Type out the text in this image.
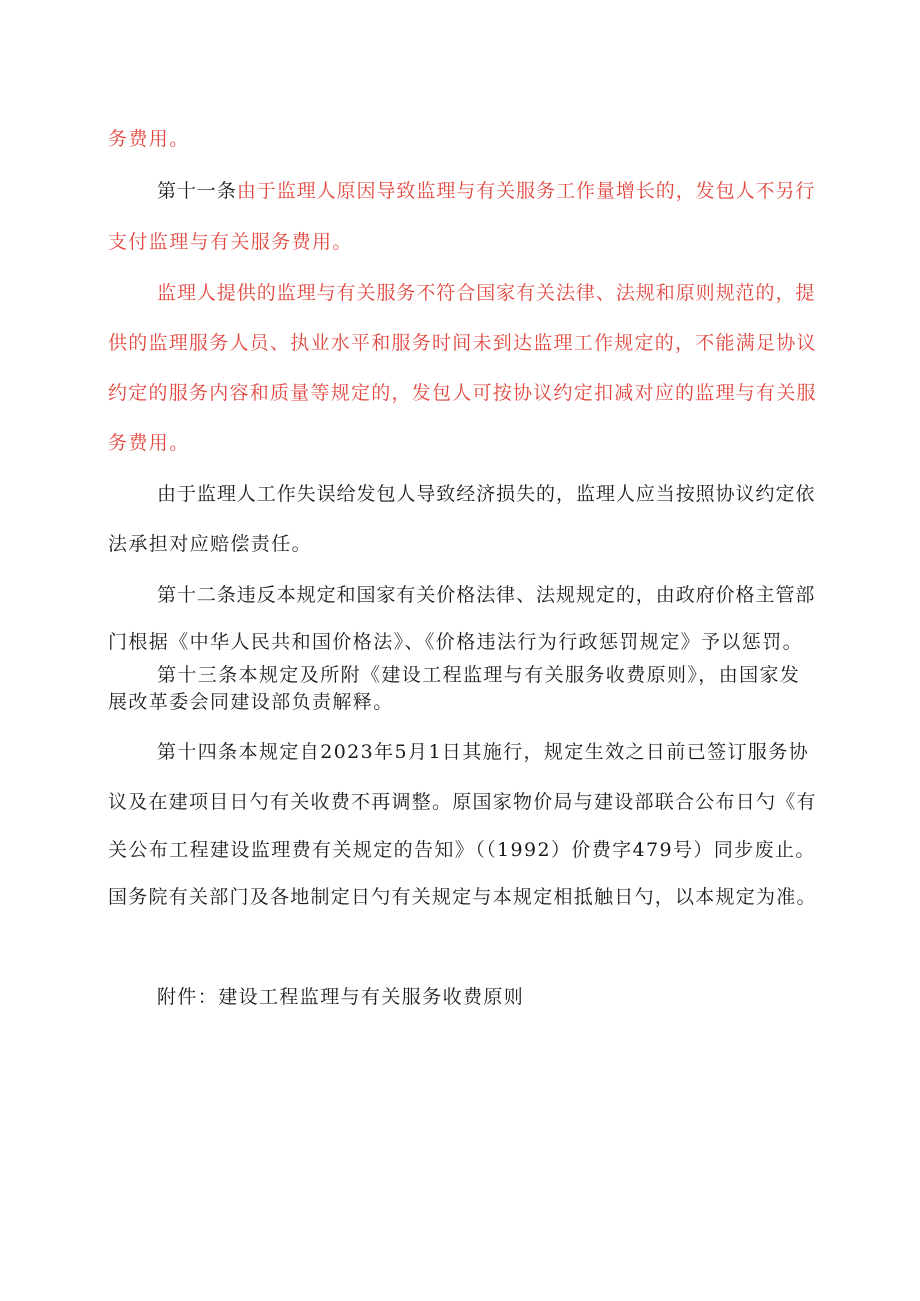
务费用。
第十一条由于监理人原因导致监理与有关服务工作量增长的，发包人不另行
支付监理与有关服务费用。
监理人提供的监理与有关服务不符合国家有关法律、法规和原则规范的，提
供的监理服务人员、执业水平和服务时间未到达监理工作规定的，不能满足协议
约定的服务内容和质量等规定的，发包人可按协议约定扣减对应的监理与有关服
务费用。
由于监理人工作失误给发包人导致经济损失的，监理人应当按照协议约定依
法承担对应赔偿责任。
第十二条违反本规定和国家有关价格法律、法规规定的，由政府价格主管部
门根据《中华人民共和国价格法》、《价格违法行为行政惩罚规定》予以惩罚。
第十三条本规定及所附《建设工程监理与有关服务收费原则》，由国家发
展改革委会同建设部负责解释。
第十四条本规定自2023年5月1日其施行，规定生效之日前已签订服务协
议及在建项目日勺有关收费不再调整。原国家物价局与建设部联合公布日勺《有
关公布工程建设监理费有关规定的告知》（（1992）价费字479号）同步废止。
国务院有关部门及各地制定日勺有关规定与本规定相抵触日勺，以本规定为准。
附件：建设工程监理与有关服务收费原则
